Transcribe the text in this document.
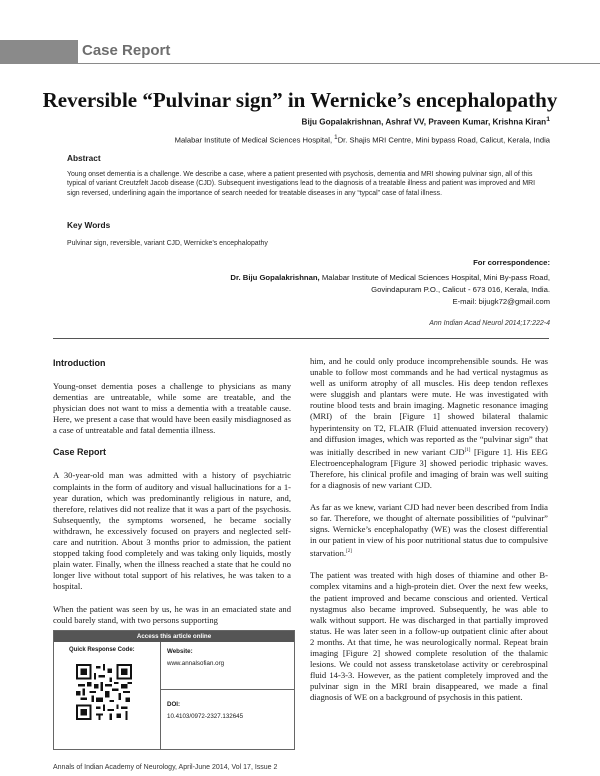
Case Report
Reversible “Pulvinar sign” in Wernicke’s encephalopathy
Biju Gopalakrishnan, Ashraf VV, Praveen Kumar, Krishna Kiran$^1$
Malabar Institute of Medical Sciences Hospital, $^1$Dr. Shajis MRI Centre, Mini bypass Road, Calicut, Kerala, India
Abstract
Young onset dementia is a challenge. We describe a case, where a patient presented with psychosis, dementia and MRI showing pulvinar sign, all of this typical of variant Creutzfelt Jacob disease (CJD). Subsequent investigations lead to the diagnosis of a treatable illness and patient was improved and MRI sign reversed, underlining again the importance of search needed for treatable diseases in any “typcal” case of fatal illness.
Key Words
Pulvinar sign, reversible, variant CJD, Wernicke’s encephalopathy
For correspondence:
Dr. Biju Gopalakrishnan, Malabar Institute of Medical Sciences Hospital, Mini By-pass Road,
Govindapuram P.O., Calicut - 673 016, Kerala, India.
E-mail: bijugk72@gmail.com
Ann Indian Acad Neurol 2014;17:222-4
Introduction

Young-onset dementia poses a challenge to physicians as many dementias are untreatable, while some are treatable, and the physician does not want to miss a dementia with a treatable cause. Here, we present a case that would have been easily misdiagnosed as a case of untreatable and fatal dementia illness.

Case Report

A 30-year-old man was admitted with a history of psychiatric complaints in the form of auditory and visual hallucinations for a 1-year duration, which was predominantly religious in nature, and, therefore, relatives did not realize that it was a part of the psychosis. Subsequently, the symptoms worsened, he became socially withdrawn, he excessively focused on prayers and neglected self-care and nutrition. About 3 months prior to admission, the patient stopped taking food completely and was taking only liquids, mostly plain water. Finally, when the illness reached a state that he could no longer live without total support of his relatives, he was taken to a hospital.

When the patient was seen by us, he was in an emaciated state and could barely stand, with two persons supporting

him, and he could only produce incomprehensible sounds. He was unable to follow most commands and he had vertical nystagmus as well as uniform atrophy of all muscles. His deep tendon reflexes were sluggish and plantars were mute. He was investigated with routine blood tests and brain imaging. Magnetic resonance imaging (MRI) of the brain [Figure 1] showed bilateral thalamic hyperintensity on T2, FLAIR (Fluid attenuated inversion recovery) and diffusion images, which was reported as the “pulvinar sign” that was initially described in new variant CJD[1] [Figure 1]. His EEG Electroencephalogram [Figure 3] showed periodic triphasic waves. Therefore, his clinical profile and imaging of brain was well suiting for a diagnosis of new variant CJD.

As far as we knew, variant CJD had never been described from India so far. Therefore, we thought of alternate possibilities of “pulvinar” signs. Wernicke’s encephalopathy (WE) was the closest differential in our patient in view of his poor nutritional status due to compulsive starvation.[2]

The patient was treated with high doses of thiamine and other B-complex vitamins and a high-protein diet. Over the next few weeks, the patient improved and became conscious and oriented. Vertical nystagmus also became improved. Subsequently, he was able to walk without support. He was discharged in that partially improved status. He was later seen in a follow-up outpatient clinic after about 2 months. At that time, he was neurologically normal. Repeat brain imaging [Figure 2] showed complete resolution of the thalamic lesions. We could not assess transketolase activity or cerebrospinal fluid 14-3-3. However, as the patient completely improved and the pulvinar sign in the MRI brain disappeared, we made a final diagnosis of WE on a background of psychosis in this patient.

Access this article online
Quick Response Code:	Website:
www.annalsofian.org
DOI:
10.4103/0972-2327.132645
Annals of Indian Academy of Neurology, April-June 2014, Vol 17, Issue 2
